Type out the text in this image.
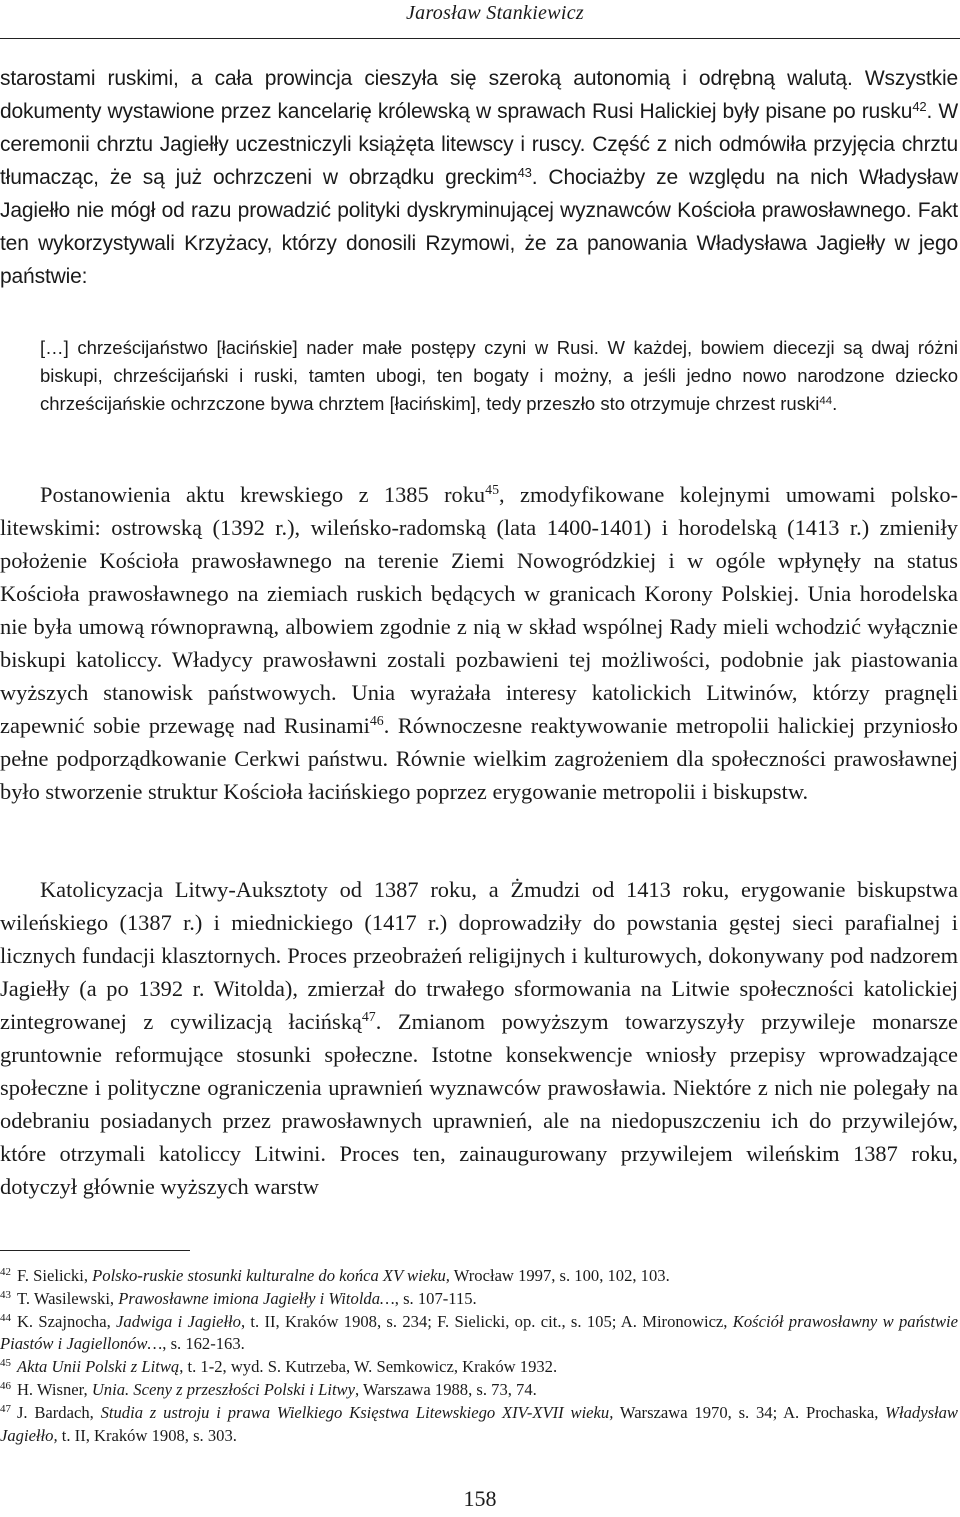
Jarosław Stankiewicz

starostami ruskimi, a cała prowincja cieszyła się szeroką autonomią i odrębną walutą. Wszystkie dokumenty wystawione przez kancelarię królewską w sprawach Rusi Halickiej były pisane po rusku$^{42}$. W ceremonii chrztu Jagiełły uczestniczyli książęta litewscy i ruscy. Część z nich odmówiła przyjęcia chrztu tłumacząc, że są już ochrzczeni w obrządku greckim$^{43}$. Chociażby ze względu na nich Władysław Jagiełło nie mógł od razu prowadzić polityki dyskryminującej wyznawców Kościoła prawosławnego. Fakt ten wykorzystywali Krzyżacy, którzy donosili Rzymowi, że za panowania Władysława Jagiełły w jego państwie:

[…] chrześcijaństwo [łacińskie] nader małe postępy czyni w Rusi. W każdej, bowiem diecezji są dwaj różni biskupi, chrześcijański i ruski, tamten ubogi, ten bogaty i możny, a jeśli jedno nowo narodzone dziecko chrześcijańskie ochrzczone bywa chrztem [łacińskim], tedy przeszło sto otrzymuje chrzest ruski$^{44}$.

Postanowienia aktu krewskiego z 1385 roku$^{45}$, zmodyfikowane kolejnymi umowami polsko-litewskimi: ostrowską (1392 r.), wileńsko-radomską (lata 1400-1401) i horodelską (1413 r.) zmieniły położenie Kościoła prawosławnego na terenie Ziemi Nowogródzkiej i w ogóle wpłynęły na status Kościoła prawosławnego na ziemiach ruskich będących w granicach Korony Polskiej. Unia horodelska nie była umową równoprawną, albowiem zgodnie z nią w skład wspólnej Rady mieli wchodzić wyłącznie biskupi katoliccy. Władycy prawosławni zostali pozbawieni tej możliwości, podobnie jak piastowania wyższych stanowisk państwowych. Unia wyrażała interesy katolickich Litwinów, którzy pragnęli zapewnić sobie przewagę nad Rusinami$^{46}$. Równoczesne reaktywowanie metropolii halickiej przyniosło pełne podporządkowanie Cerkwi państwu. Równie wielkim zagrożeniem dla społeczności prawosławnej było stworzenie struktur Kościoła łacińskiego poprzez erygowanie metropolii i biskupstw.

Katolicyzacja Litwy-Auksztoty od 1387 roku, a Żmudzi od 1413 roku, erygowanie biskupstwa wileńskiego (1387 r.) i miednickiego (1417 r.) doprowadziły do powstania gęstej sieci parafialnej i licznych fundacji klasztornych. Proces przeobrażeń religijnych i kulturowych, dokonywany pod nadzorem Jagiełły (a po 1392 r. Witolda), zmierzał do trwałego sformowania na Litwie społeczności katolickiej zintegrowanej z cywilizacją łacińską$^{47}$. Zmianom powyższym towarzyszyły przywileje monarsze gruntownie reformujące stosunki społeczne. Istotne konsekwencje wniosły przepisy wprowadzające społeczne i polityczne ograniczenia uprawnień wyznawców prawosławia. Niektóre z nich nie polegały na odebraniu posiadanych przez prawosławnych uprawnień, ale na niedopuszczeniu ich do przywilejów, które otrzymali katoliccy Litwini. Proces ten, zainaugurowany przywilejem wileńskim 1387 roku, dotyczył głównie wyższych warstw

$^{42}$ F. Sielicki, Polsko-ruskie stosunki kulturalne do końca XV wieku, Wrocław 1997, s. 100, 102, 103.

$^{43}$ T. Wasilewski, Prawosławne imiona Jagiełły i Witolda…, s. 107-115.

$^{44}$ K. Szajnocha, Jadwiga i Jagiełło, t. II, Kraków 1908, s. 234; F. Sielicki, op. cit., s. 105; A. Mironowicz, Kościół prawosławny w państwie Piastów i Jagiellonów…, s. 162-163.

$^{45}$ Akta Unii Polski z Litwą, t. 1-2, wyd. S. Kutrzeba, W. Semkowicz, Kraków 1932.

$^{46}$ H. Wisner, Unia. Sceny z przeszłości Polski i Litwy, Warszawa 1988, s. 73, 74.

$^{47}$ J. Bardach, Studia z ustroju i prawa Wielkiego Księstwa Litewskiego XIV-XVII wieku, Warszawa 1970, s. 34; A. Prochaska, Władysław Jagiełło, t. II, Kraków 1908, s. 303.

158
